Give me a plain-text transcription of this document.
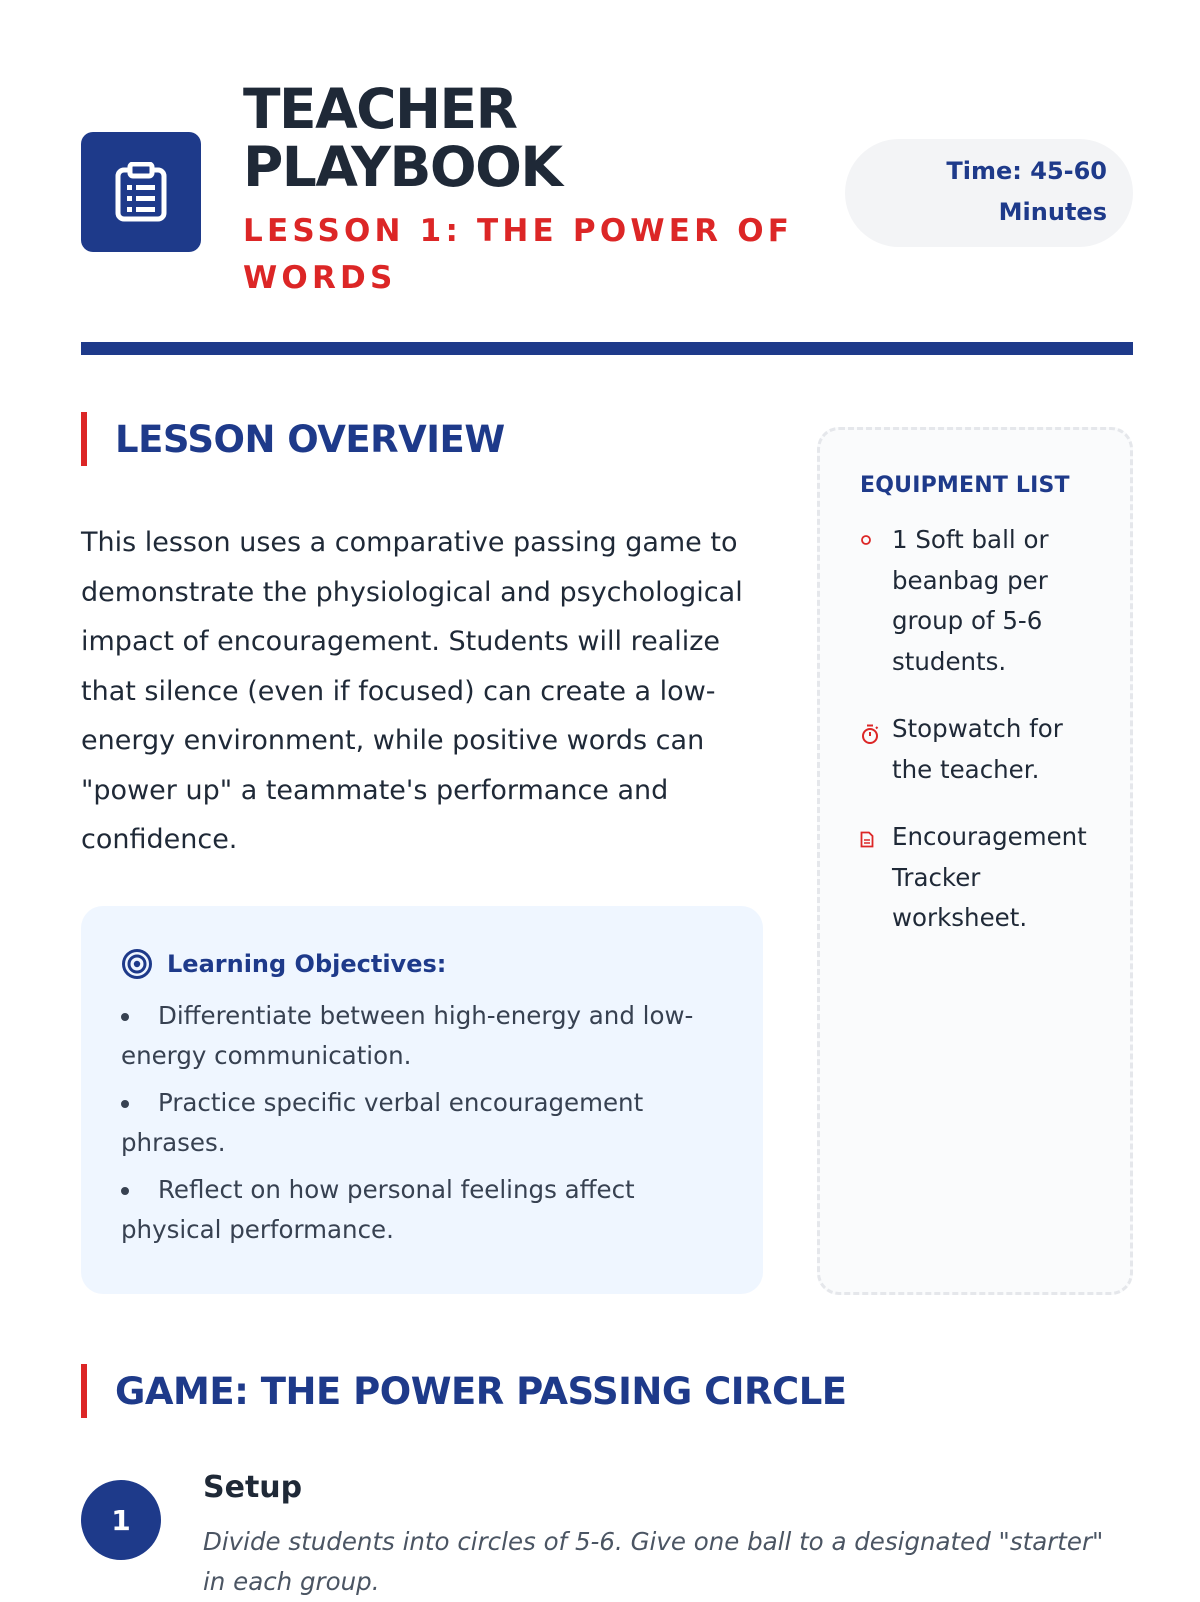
TEACHER
PLAYBOOK
LESSON 1: THE POWER OF
WORDS
Time: 45-60
Minutes
LESSON OVERVIEW

This lesson uses a comparative passing game to demonstrate the physiological and psychological impact of encouragement. Students will realize that silence (even if focused) can create a low-energy environment, while positive words can "power up" a teammate's performance and confidence.

Learning Objectives:
Differentiate between high-energy and low-energy communication.
Practice specific verbal encouragement phrases.
Reflect on how personal feelings affect physical performance.
EQUIPMENT LIST
1 Soft ball or beanbag per group of 5-6 students.
Stopwatch for the teacher.
Encouragement Tracker worksheet.
GAME: THE POWER PASSING CIRCLE
1
Setup

Divide students into circles of 5-6. Give one ball to a designated "starter" in each group.
